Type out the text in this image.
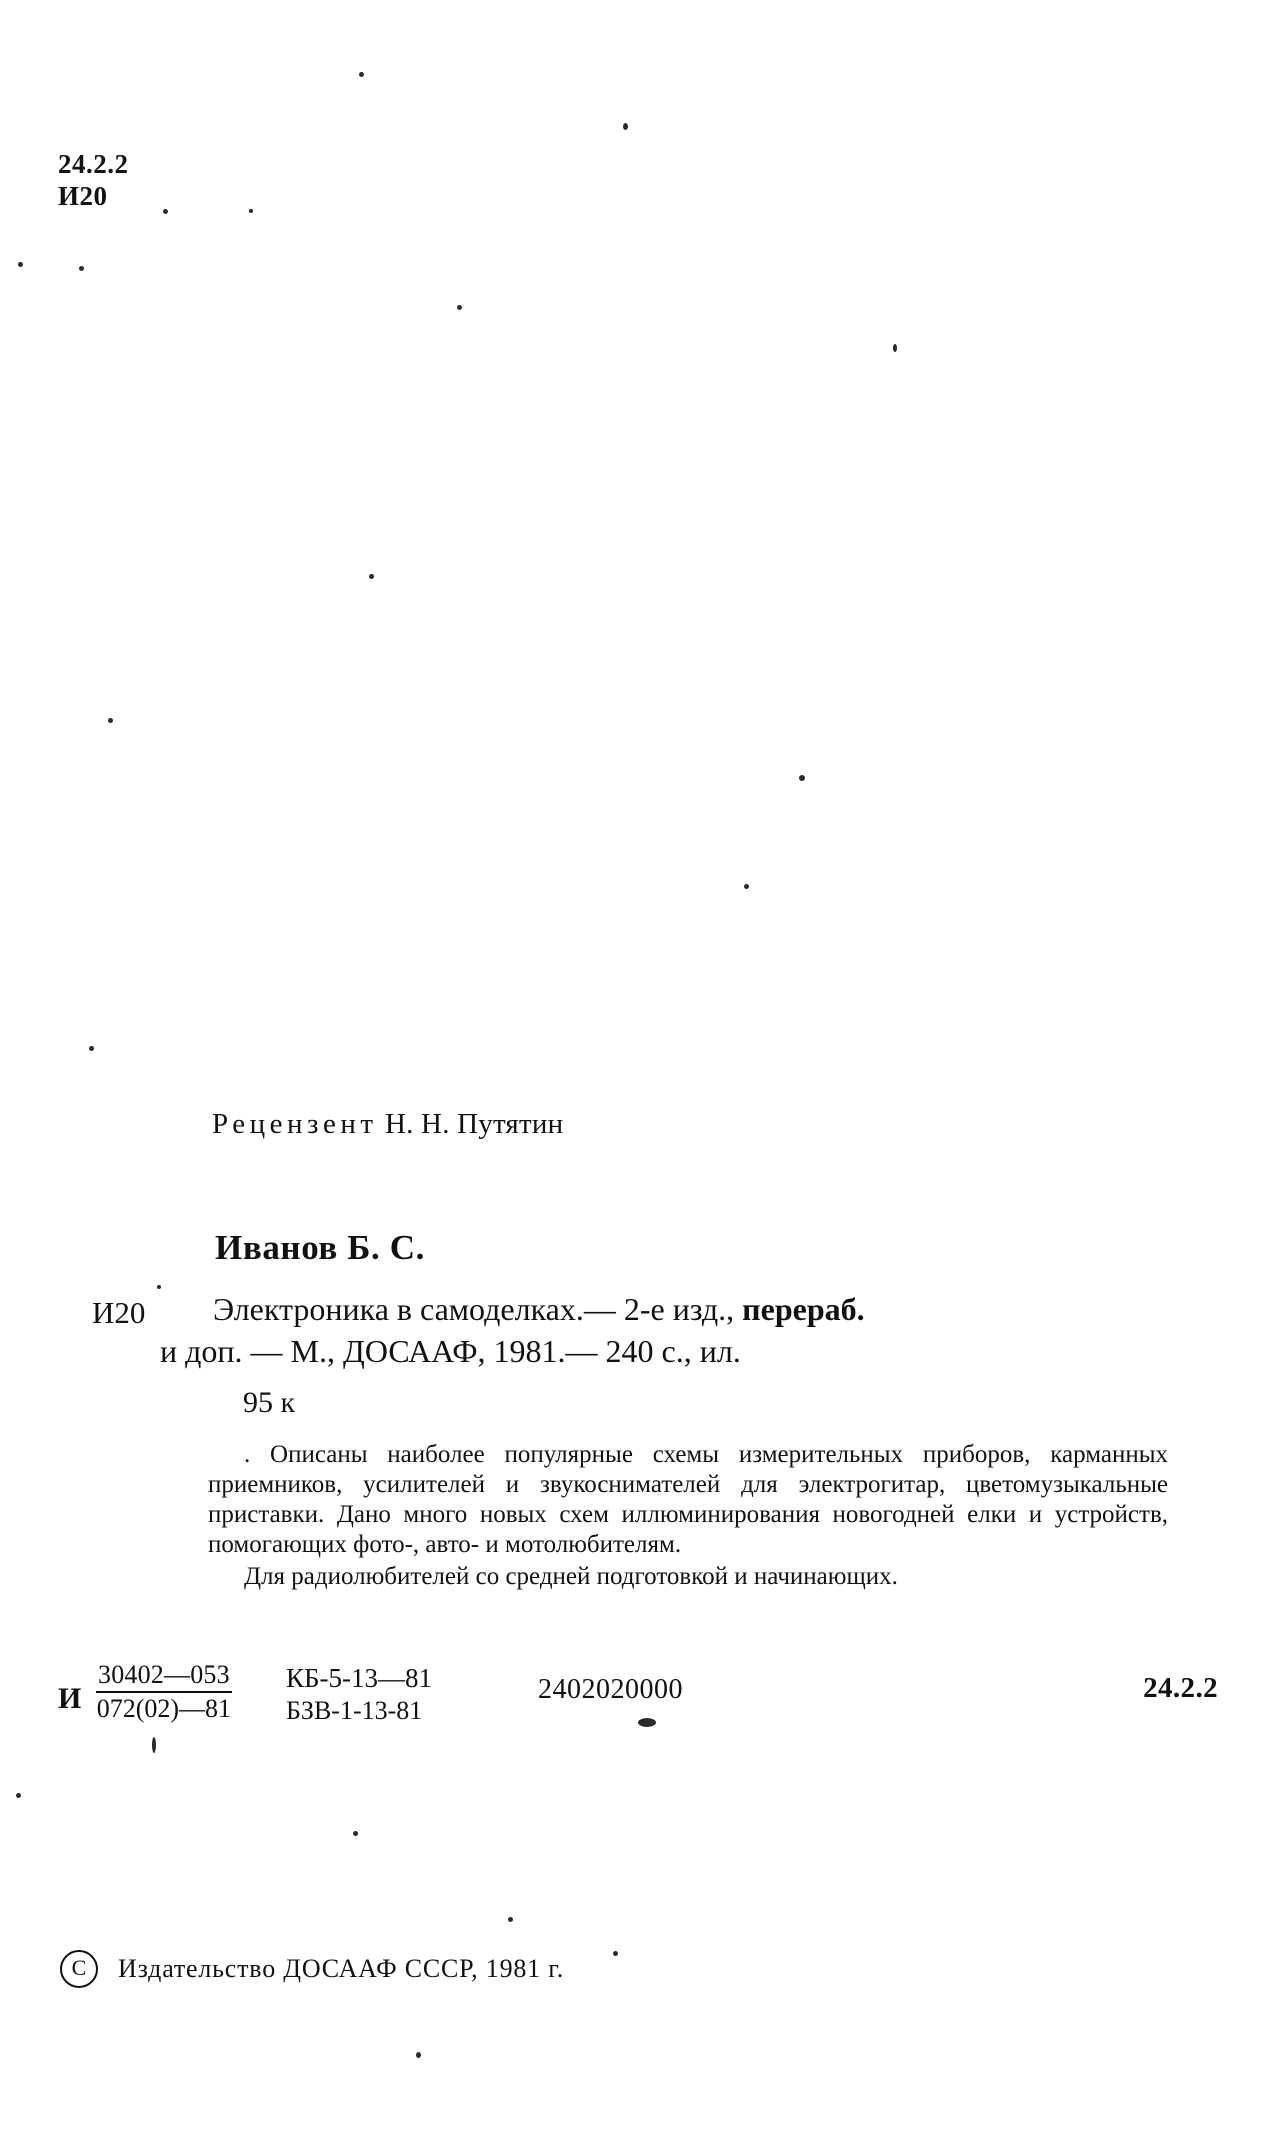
24.2.2
И20
Рецензент Н. Н. Путятин
Иванов Б. С.
И20 Электроника в самоделках.— 2-е изд., перераб.
и доп. — М., ДОСААФ, 1981.— 240 с., ил.
95 к

. Описаны наиболее популярные схемы измерительных приборов, карманных приемников, усилителей и звукоснимателей для электрогитар, цветомузыкальные приставки. Дано много новых схем иллюминирования новогодней елки и устройств, помогающих фото-, авто- и мотолюбителям.

Для радиолюбителей со средней подготовкой и начинающих.

И $\frac{30402—053}{072(02)—81}$ КБ-5-13—81
БЗВ-1-13-81
2402020000	24.2.2
C	Издательство ДОСААФ СССР, 1981 г.
